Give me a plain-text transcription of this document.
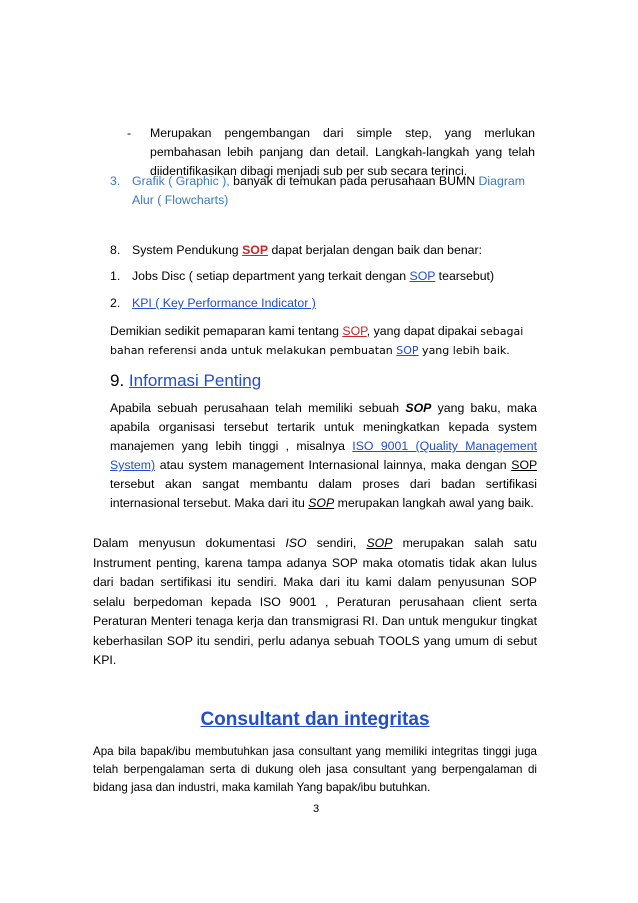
- Merupakan pengembangan dari simple step, yang merlukan pembahasan lebih panjang dan detail. Langkah-langkah yang telah diidentifikasikan dibagi menjadi sub per sub secara terinci.

3. Grafik ( Graphic ), banyak di temukan pada perusahaan BUMN Diagram Alur ( Flowcharts)

8. System Pendukung SOP dapat berjalan dengan baik dan benar:

1. Jobs Disc ( setiap department yang terkait dengan SOP tearsebut)

2. KPI ( Key Performance Indicator )

Demikian sedikit pemaparan kami tentang SOP, yang dapat dipakai sebagai

bahan referensi anda untuk melakukan pembuatan SOP yang lebih baik.

9. Informasi Penting

Apabila sebuah perusahaan telah memiliki sebuah SOP yang baku, maka apabila organisasi tersebut tertarik untuk meningkatkan kepada system manajemen yang lebih tinggi , misalnya ISO 9001 (Quality Management System) atau system management Internasional lainnya, maka dengan SOP tersebut akan sangat membantu dalam proses dari badan sertifikasi internasional tersebut. Maka dari itu SOP merupakan langkah awal yang baik.

Dalam menyusun dokumentasi ISO sendiri, SOP merupakan salah satu Instrument penting, karena tampa adanya SOP maka otomatis tidak akan lulus dari badan sertifikasi itu sendiri. Maka dari itu kami dalam penyusunan SOP selalu berpedoman kepada ISO 9001 , Peraturan perusahaan client serta Peraturan Menteri tenaga kerja dan transmigrasi RI. Dan untuk mengukur tingkat keberhasilan SOP itu sendiri, perlu adanya sebuah TOOLS yang umum di sebut KPI.

Consultant dan integritas

Apa bila bapak/ibu membutuhkan jasa consultant yang memiliki integritas tinggi juga telah berpengalaman serta di dukung oleh jasa consultant yang berpengalaman di bidang jasa dan industri, maka kamilah Yang bapak/ibu butuhkan.

3
